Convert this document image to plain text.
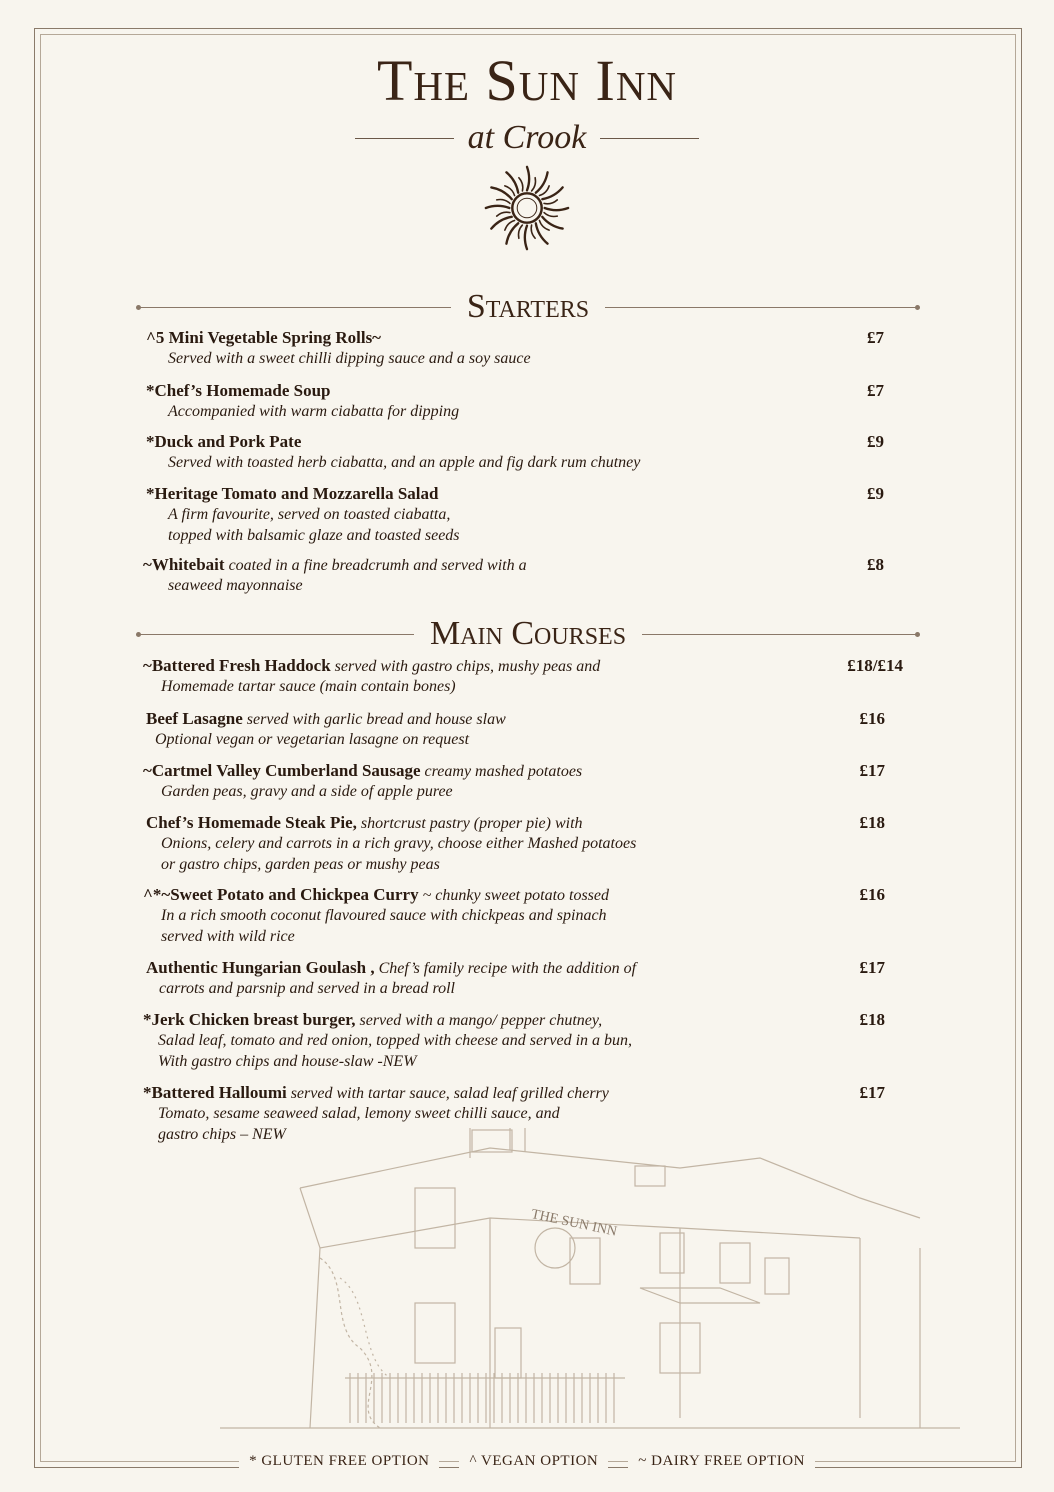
The Sun Inn
at Crook
Starters
^5 Mini Vegetable Spring Rolls~
Served with a sweet chilli dipping sauce and a soy sauce
£7
*Chef’s Homemade Soup
Accompanied with warm ciabatta for dipping
£7
*Duck and Pork Pate
Served with toasted herb ciabatta, and an apple and fig dark rum chutney
£9
*Heritage Tomato and Mozzarella Salad
A firm favourite, served on toasted ciabatta,
topped with balsamic glaze and toasted seeds
£9
~Whitebait coated in a fine breadcrumh and served with a
seaweed mayonnaise
£8
Main Courses
~Battered Fresh Haddock served with gastro chips, mushy peas and
Homemade tartar sauce (main contain bones)
£18/£14
Beef Lasagne served with garlic bread and house slaw
Optional vegan or vegetarian lasagne on request
£16
~Cartmel Valley Cumberland Sausage creamy mashed potatoes
Garden peas, gravy and a side of apple puree
£17
Chef’s Homemade Steak Pie, shortcrust pastry (proper pie) with
Onions, celery and carrots in a rich gravy, choose either Mashed potatoes
or gastro chips, garden peas or mushy peas
£18
^*~Sweet Potato and Chickpea Curry ~ chunky sweet potato tossed
In a rich smooth coconut flavoured sauce with chickpeas and spinach
served with wild rice
£16
Authentic Hungarian Goulash , Chef’s family recipe with the addition of
carrots and parsnip and served in a bread roll
£17
*Jerk Chicken breast burger, served with a mango/ pepper chutney,
Salad leaf, tomato and red onion, topped with cheese and served in a bun,
With gastro chips and house-slaw -NEW
£18
*Battered Halloumi served with tartar sauce, salad leaf grilled cherry
Tomato, sesame seaweed salad, lemony sweet chilli sauce, and
gastro chips – NEW
£17
THE SUN INN
* GLUTEN FREE OPTION	^ VEGAN OPTION	~ DAIRY FREE OPTION
